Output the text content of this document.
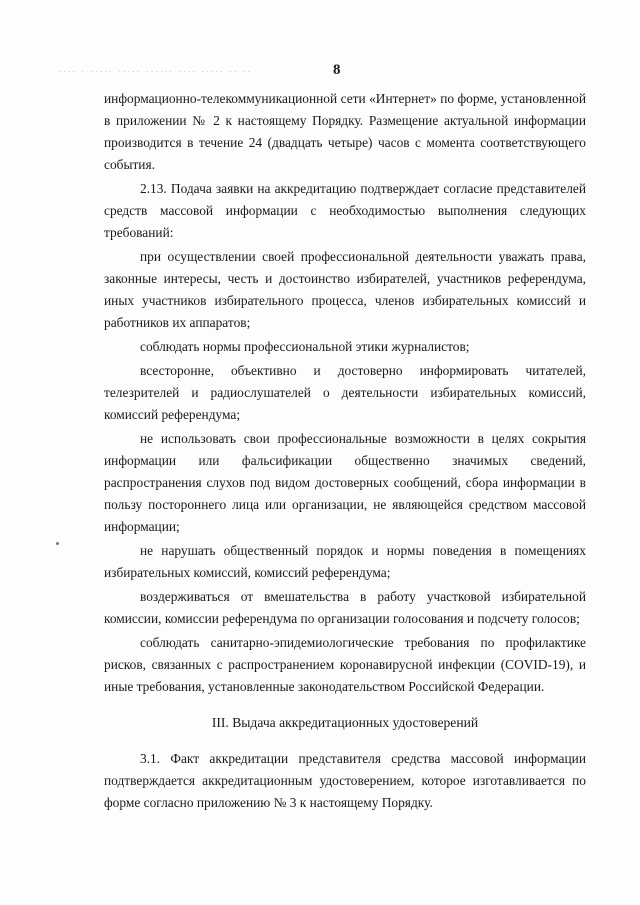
.... . ..... ..... ...... .... ..... .. ..	8

информационно-телекоммуникационной сети «Интернет» по форме, установленной в приложении № 2 к настоящему Порядку. Размещение актуальной информации производится в течение 24 (двадцать четыре) часов с момента соответствующего события.

2.13. Подача заявки на аккредитацию подтверждает согласие представителей средств массовой информации с необходимостью выполнения следующих требований:

при осуществлении своей профессиональной деятельности уважать права, законные интересы, честь и достоинство избирателей, участников референдума, иных участников избирательного процесса, членов избирательных комиссий и работников их аппаратов;

соблюдать нормы профессиональной этики журналистов;

всесторонне, объективно и достоверно информировать читателей, телезрителей и радиослушателей о деятельности избирательных комиссий, комиссий референдума;

не использовать свои профессиональные возможности в целях сокрытия информации или фальсификации общественно значимых сведений, распространения слухов под видом достоверных сообщений, сбора информации в пользу постороннего лица или организации, не являющейся средством массовой информации;

не нарушать общественный порядок и нормы поведения в помещениях избирательных комиссий, комиссий референдума;

воздерживаться от вмешательства в работу участковой избирательной комиссии, комиссии референдума по организации голосования и подсчету голосов;

соблюдать санитарно-эпидемиологические требования по профилактике рисков, связанных с распространением коронавирусной инфекции (COVID-19), и иные требования, установленные законодательством Российской Федерации.

III. Выдача аккредитационных удостоверений

3.1. Факт аккредитации представителя средства массовой информации подтверждается аккредитационным удостоверением, которое изготавливается по форме согласно приложению № 3 к настоящему Порядку.
